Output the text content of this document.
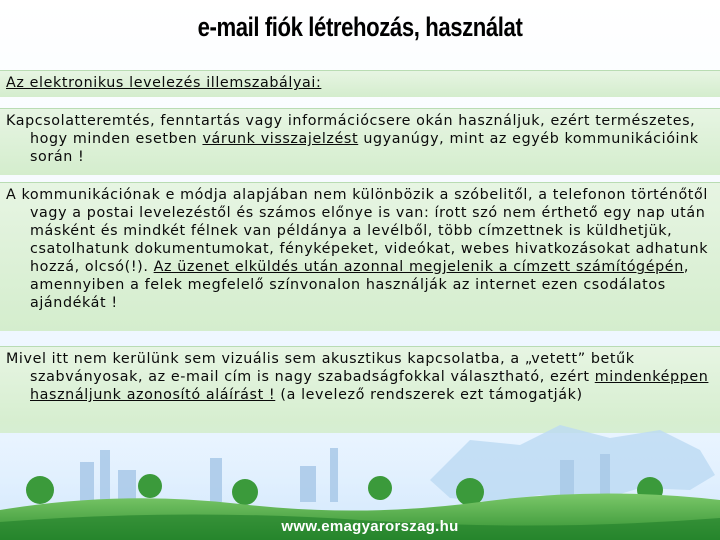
e-mail fiók létrehozás, használat

Az elektronikus levelezés illemszabályai:

Kapcsolatteremtés, fenntartás vagy információcsere okán használjuk, ezért természetes, hogy minden esetben várunk visszajelzést ugyanúgy, mint az egyéb kommunikációink során !

A kommunikációnak e módja alapjában nem különbözik a szóbelitől, a telefonon történőtől vagy a postai levelezéstől és számos előnye is van: írott szó nem érthető egy nap után másként és mindkét félnek van példánya a levélből, több címzettnek is küldhetjük, csatolhatunk dokumentumokat, fényképeket, videókat, webes hivatkozásokat adhatunk hozzá, olcsó(!). Az üzenet elküldés után azonnal megjelenik a címzett számítógépén, amennyiben a felek megfelelő színvonalon használják az internet ezen csodálatos ajándékát !

Mivel itt nem kerülünk sem vizuális sem akusztikus kapcsolatba, a „vetett” betűk szabványosak, az e-mail cím is nagy szabadságfokkal választható, ezért mindenképpen használjunk azonosító aláírást ! (a levelező rendszerek ezt támogatják)

www.emagyarorszag.hu
